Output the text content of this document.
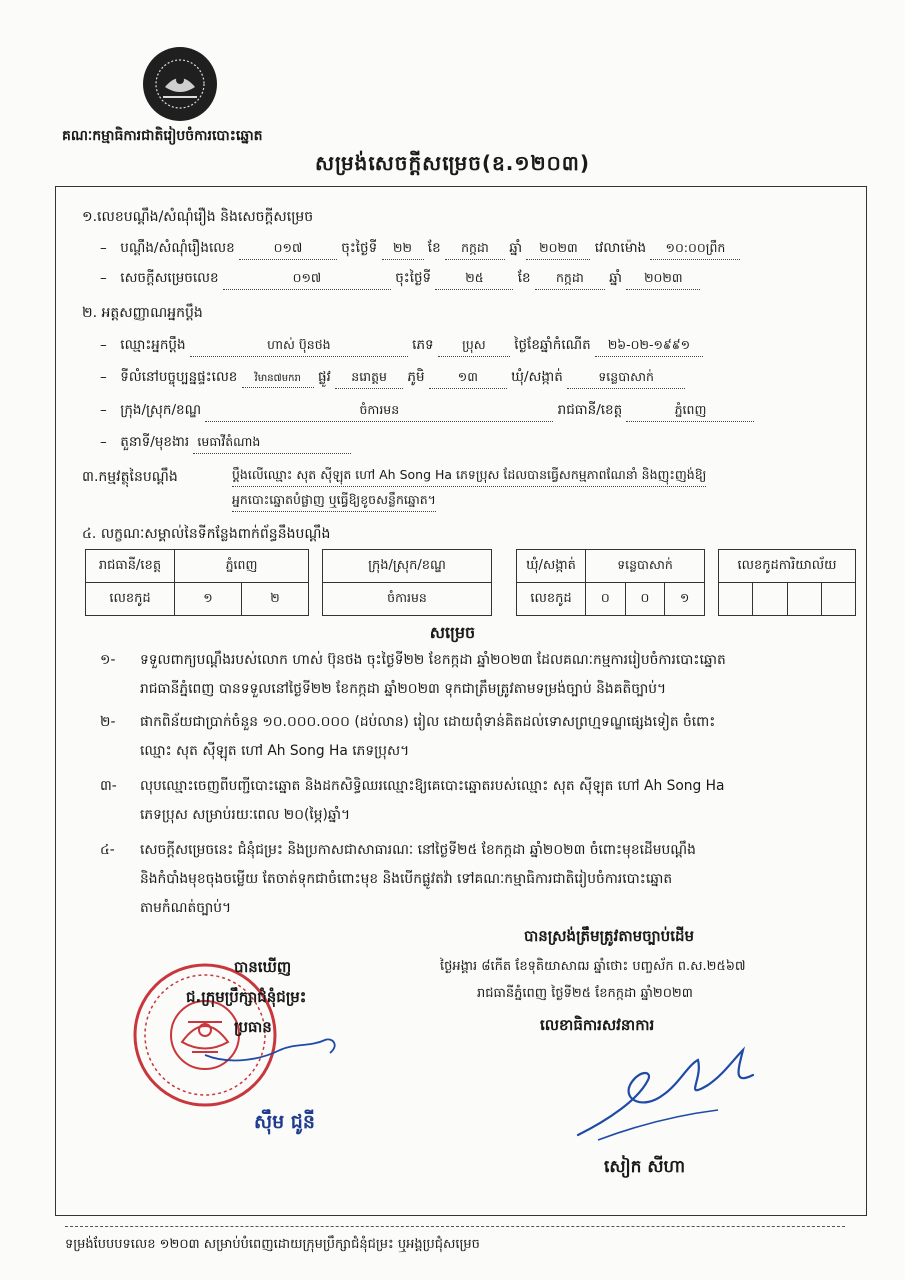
គណៈកម្មាធិការជាតិរៀបចំការបោះឆ្នោត
សម្រង់សេចក្តីសម្រេច(ឧ.១២០៣)
១.លេខបណ្តឹង/សំណុំរឿង និងសេចក្តីសម្រេច
– បណ្តឹង/សំណុំរឿងលេខ	០១៧	ចុះថ្ងៃទី ២២ ខែ កក្កដា ឆ្នាំ ២០២៣ វេលាម៉ោង ១០:០០ព្រឹក
– សេចក្តីសម្រេចលេខ	០១៧	ចុះថ្ងៃទី	២៥	ខែ កក្កដា ឆ្នាំ ២០២៣
២. អត្តសញ្ញាណអ្នកប្តឹង
– ឈ្មោះអ្នកប្តឹង	ហាស់ ប៊ុនថង	ភេទ ប្រុស ថ្ងៃខែឆ្នាំកំណើត ២៦-០២-១៩៩១
– ទីលំនៅបច្ចុប្បន្នផ្ទះលេខ វិមាន៧មករា ផ្លូវ នរោត្តម ភូមិ	១៣ ឃុំ/សង្កាត់	ទន្លេបាសាក់
– ក្រុង/ស្រុក/ខណ្ឌ	ចំការមន	រាជធានី/ខេត្ត	ភ្នំពេញ
– តួនាទី/មុខងារ មេធាវីតំណាង
៣.កម្មវត្ថុនៃបណ្តឹង	ប្តឹងលើឈ្មោះ សុត ស៊ីឡុត ហៅ Ah Song Ha ភេទប្រុស ដែលបានធ្វើសកម្មភាពណែនាំ និងញុះញង់ឱ្យ
អ្នកបោះឆ្នោតបំផ្លាញ ឬធ្វើឱ្យខូចសន្លឹកឆ្នោត។
៤. លក្ខណៈសម្គាល់នៃទីកន្លែងពាក់ព័ន្ធនឹងបណ្តឹង
រាជធានី/ខេត្ត	ភ្នំពេញ	
លេខកូដ	១	២
ក្រុង/ស្រុក/ខណ្ឌ
ចំការមន
ឃុំ/សង្កាត់	ទន្លេបាសាក់		
លេខកូដ	០	០	១
លេខកូដការិយាល័យ

សម្រេច
១- ទទួលពាក្យបណ្តឹងរបស់លោក ហាស់ ប៊ុនថង ចុះថ្ងៃទី២២ ខែកក្កដា ឆ្នាំ២០២៣ ដែលគណៈកម្មការរៀបចំការបោះឆ្នោត
រាជធានីភ្នំពេញ បានទទួលនៅថ្ងៃទី២២ ខែកក្កដា ឆ្នាំ២០២៣ ទុកជាត្រឹមត្រូវតាមទម្រង់ច្បាប់ និងគតិច្បាប់។
២- ផាកពិន័យជាប្រាក់ចំនួន ១០.០០០.០០០ (ដប់លាន) រៀល ដោយពុំទាន់គិតដល់ទោសព្រហ្មទណ្ឌផ្សេងទៀត ចំពោះ
ឈ្មោះ សុត ស៊ីឡុត ហៅ Ah Song Ha ភេទប្រុស។
៣- លុបឈ្មោះចេញពីបញ្ជីបោះឆ្នោត និងដកសិទ្ធិឈរឈ្មោះឱ្យគេបោះឆ្នោតរបស់ឈ្មោះ សុត ស៊ីឡុត ហៅ Ah Song Ha
ភេទប្រុស សម្រាប់រយៈពេល ២០(ម្ភៃ)ឆ្នាំ។
៤- សេចក្តីសម្រេចនេះ ជំនុំជម្រះ និងប្រកាសជាសាធារណៈ នៅថ្ងៃទី២៥ ខែកក្កដា ឆ្នាំ២០២៣ ចំពោះមុខដើមបណ្តឹង
និងកំបាំងមុខចុងចម្លើយ តែចាត់ទុកជាចំពោះមុខ និងបើកផ្លូវតវ៉ា ទៅគណៈកម្មាធិការជាតិរៀបចំការបោះឆ្នោត
តាមកំណត់ច្បាប់។
បានស្រង់ត្រឹមត្រូវតាមច្បាប់ដើម
ថ្ងៃអង្គារ ៨កើត ខែទុតិយាសាឍ ឆ្នាំថោះ បញ្ចស័ក ព.ស.២៥៦៧
រាជធានីភ្នំពេញ ថ្ងៃទី២៥ ខែកក្កដា ឆ្នាំ២០២៣
លេខាធិការសវនាការ
សៀក សីហា
បានឃើញ
ជ.ក្រុមប្រឹក្សាជំនុំជម្រះ
ប្រធាន
ស៊ឹម ជូនី
ទម្រង់បែបបទលេខ ១២០៣ សម្រាប់បំពេញដោយក្រុមប្រឹក្សាជំនុំជម្រះ ឬអង្គប្រជុំសម្រេច
